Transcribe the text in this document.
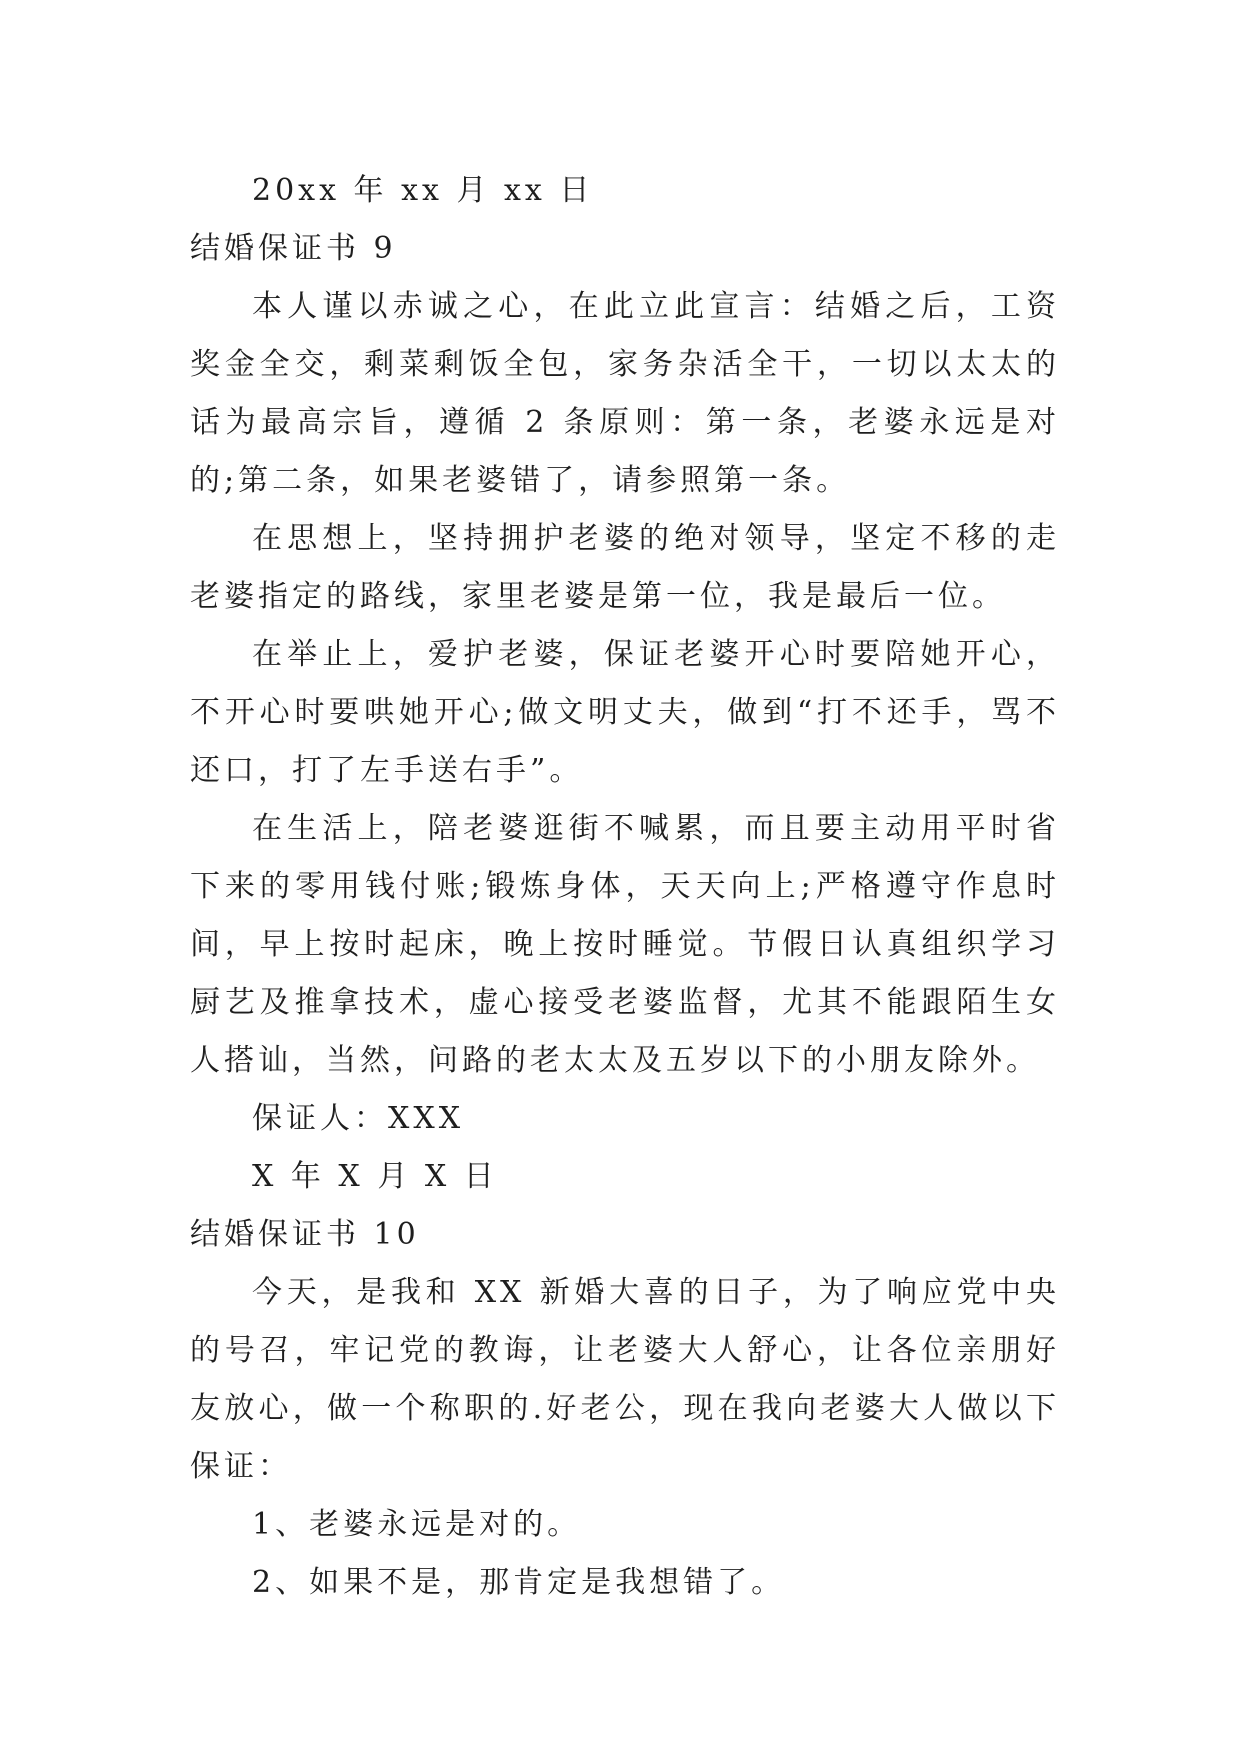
20xx 年 xx 月 xx 日

结婚保证书 9

本人谨以赤诚之心，在此立此宣言：结婚之后，工资奖金全交，剩菜剩饭全包，家务杂活全干，一切以太太的话为最高宗旨，遵循 2 条原则：第一条，老婆永远是对的;第二条，如果老婆错了，请参照第一条。

在思想上，坚持拥护老婆的绝对领导，坚定不移的走老婆指定的路线，家里老婆是第一位，我是最后一位。

在举止上，爱护老婆，保证老婆开心时要陪她开心，不开心时要哄她开心;做文明丈夫，做到“打不还手，骂不还口，打了左手送右手”。

在生活上，陪老婆逛街不喊累，而且要主动用平时省下来的零用钱付账;锻炼身体，天天向上;严格遵守作息时间，早上按时起床，晚上按时睡觉。节假日认真组织学习厨艺及推拿技术，虚心接受老婆监督，尤其不能跟陌生女人搭讪，当然，问路的老太太及五岁以下的小朋友除外。

保证人：XXX

X 年 X 月 X 日

结婚保证书 10

今天，是我和 XX 新婚大喜的日子，为了响应党中央的号召，牢记党的教诲，让老婆大人舒心，让各位亲朋好友放心，做一个称职的.好老公，现在我向老婆大人做以下保证：

1、老婆永远是对的。

2、如果不是，那肯定是我想错了。
